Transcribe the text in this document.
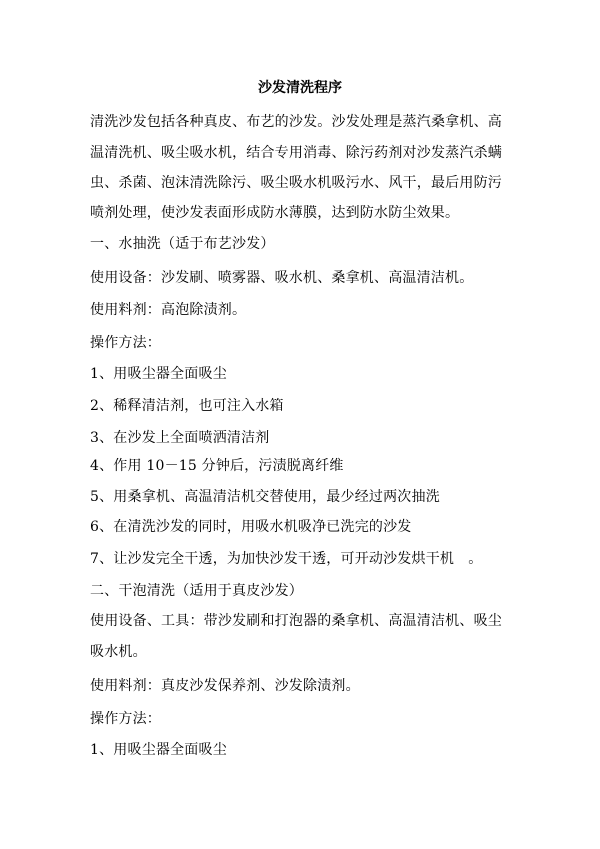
沙发清洗程序
清洗沙发包括各种真皮、布艺的沙发。沙发处理是蒸汽桑拿机、高
温清洗机、吸尘吸水机，结合专用消毒、除污药剂对沙发蒸汽杀螨
虫、杀菌、泡沫清洗除污、吸尘吸水机吸污水、风干，最后用防污
喷剂处理，使沙发表面形成防水薄膜，达到防水防尘效果。
一、水抽洗（适于布艺沙发）
使用设备：沙发刷、喷雾器、吸水机、桑拿机、高温清洁机。
使用料剂：高泡除渍剂。
操作方法：
1、用吸尘器全面吸尘
2、稀释清洁剂，也可注入水箱
3、在沙发上全面喷洒清洁剂
4、作用 10－15 分钟后，污渍脱离纤维
5、用桑拿机、高温清洁机交替使用，最少经过两次抽洗
6、在清洗沙发的同时，用吸水机吸净已洗完的沙发
7、让沙发完全干透，为加快沙发干透，可开动沙发烘干机　。
二、干泡清洗（适用于真皮沙发）
使用设备、工具：带沙发刷和打泡器的桑拿机、高温清洁机、吸尘
吸水机。
使用料剂：真皮沙发保养剂、沙发除渍剂。
操作方法：
1、用吸尘器全面吸尘
